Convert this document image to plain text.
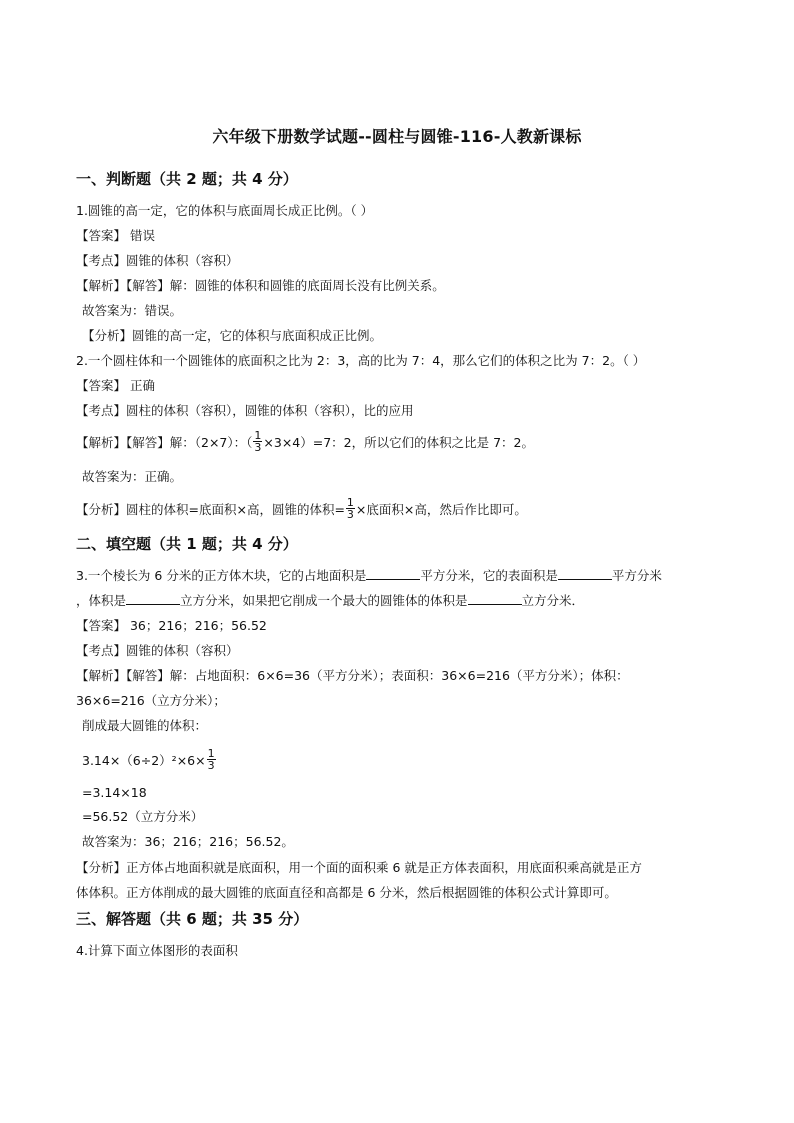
六年级下册数学试题--圆柱与圆锥-116-人教新课标
一、判断题（共 2 题；共 4 分）
1.圆锥的高一定，它的体积与底面周长成正比例。（ ）
【答案】 错误
【考点】圆锥的体积（容积）
【解析】【解答】解：圆锥的体积和圆锥的底面周长没有比例关系。
故答案为：错误。
【分析】圆锥的高一定，它的体积与底面积成正比例。
2.一个圆柱体和一个圆锥体的底面积之比为 2：3，高的比为 7：4，那么它们的体积之比为 7：2。（ ）
【答案】 正确
【考点】圆柱的体积（容积），圆锥的体积（容积），比的应用
【解析】【解答】解：（2×7）：（ $\frac{1}{3} \times 3\times 4)=7$：2，所以它们的体积之比是 7：2。
故答案为：正确。
【分析】圆柱的体积=底面积×高，圆锥的体积= $\frac{1}{3}$ ×底面积×高，然后作比即可。
二、填空题（共 1 题；共 4 分）
3.一个棱长为 6 分米的正方体木块，它的占地面积是	平方分米，它的表面积是	平方分米
，体积是	立方分米，如果把它削成一个最大的圆锥体的体积是	立方分米．
【答案】 36；216；216；56.52
【考点】圆锥的体积（容积）
【解析】【解答】解：占地面积：6×6=36（平方分米）；表面积：36×6=216（平方分米）；体积：
36×6=216（立方分米）；
削成最大圆锥的体积：
$3.14\times(6\div 2)^2\times 6\times \frac{1}{3}$
=3.14×18
=56.52（立方分米）
故答案为：36；216；216；56.52。
【分析】正方体占地面积就是底面积，用一个面的面积乘 6 就是正方体表面积，用底面积乘高就是正方
体体积。正方体削成的最大圆锥的底面直径和高都是 6 分米，然后根据圆锥的体积公式计算即可。
三、解答题（共 6 题；共 35 分）
4.计算下面立体图形的表面积
